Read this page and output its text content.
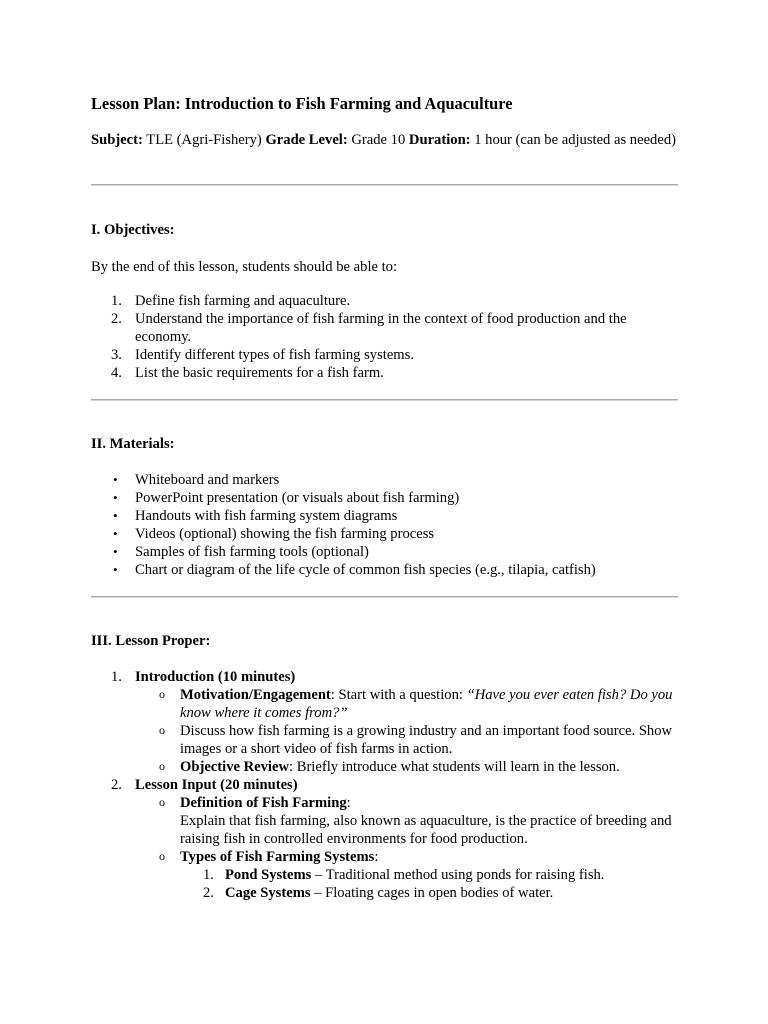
Lesson Plan: Introduction to Fish Farming and Aquaculture

Subject: TLE (Agri-Fishery) Grade Level: Grade 10 Duration: 1 hour (can be adjusted as needed)

I. Objectives:

By the end of this lesson, students should be able to:

1. Define fish farming and aquaculture.
2. Understand the importance of fish farming in the context of food production and the economy.
3. Identify different types of fish farming systems.
4. List the basic requirements for a fish farm.

II. Materials:

• Whiteboard and markers
• PowerPoint presentation (or visuals about fish farming)
• Handouts with fish farming system diagrams
• Videos (optional) showing the fish farming process
• Samples of fish farming tools (optional)
• Chart or diagram of the life cycle of common fish species (e.g., tilapia, catfish)

III. Lesson Proper:

1. Introduction (10 minutes)
o Motivation/Engagement: Start with a question: “Have you ever eaten fish? Do you know where it comes from?”
o Discuss how fish farming is a growing industry and an important food source. Show images or a short video of fish farms in action.
o Objective Review: Briefly introduce what students will learn in the lesson.
2. Lesson Input (20 minutes)
o Definition of Fish Farming:
Explain that fish farming, also known as aquaculture, is the practice of breeding and raising fish in controlled environments for food production.
o Types of Fish Farming Systems:
1. Pond Systems – Traditional method using ponds for raising fish.
2. Cage Systems – Floating cages in open bodies of water.
